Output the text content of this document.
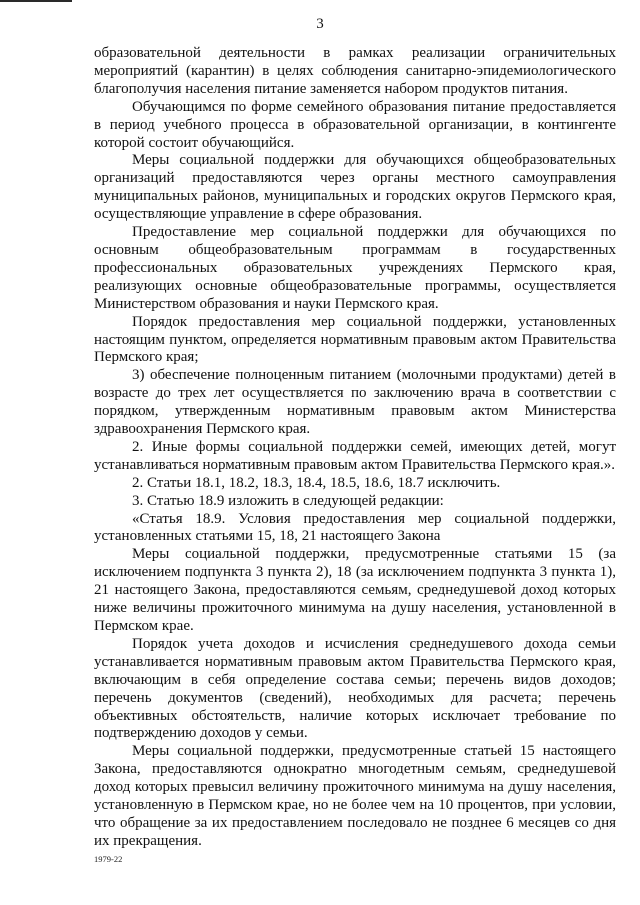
3

образовательной деятельности в рамках реализации ограничительных мероприятий (карантин) в целях соблюдения санитарно-эпидемиологического благополучия населения питание заменяется набором продуктов питания.

Обучающимся по форме семейного образования питание предоставляется в период учебного процесса в образовательной организации, в контингенте которой состоит обучающийся.

Меры социальной поддержки для обучающихся общеобразовательных организаций предоставляются через органы местного самоуправления муниципальных районов, муниципальных и городских округов Пермского края, осуществляющие управление в сфере образования.

Предоставление мер социальной поддержки для обучающихся по основным общеобразовательным программам в государственных профессиональных образовательных учреждениях Пермского края, реализующих основные общеобразовательные программы, осуществляется Министерством образования и науки Пермского края.

Порядок предоставления мер социальной поддержки, установленных настоящим пунктом, определяется нормативным правовым актом Правительства Пермского края;

3) обеспечение полноценным питанием (молочными продуктами) детей в возрасте до трех лет осуществляется по заключению врача в соответствии с порядком, утвержденным нормативным правовым актом Министерства здравоохранения Пермского края.

2. Иные формы социальной поддержки семей, имеющих детей, могут устанавливаться нормативным правовым актом Правительства Пермского края.».

2. Статьи 18.1, 18.2, 18.3, 18.4, 18.5, 18.6, 18.7 исключить.

3. Статью 18.9 изложить в следующей редакции:

«Статья 18.9. Условия предоставления мер социальной поддержки, установленных статьями 15, 18, 21 настоящего Закона

Меры социальной поддержки, предусмотренные статьями 15 (за исключением подпункта 3 пункта 2), 18 (за исключением подпункта 3 пункта 1), 21 настоящего Закона, предоставляются семьям, среднедушевой доход которых ниже величины прожиточного минимума на душу населения, установленной в Пермском крае.

Порядок учета доходов и исчисления среднедушевого дохода семьи устанавливается нормативным правовым актом Правительства Пермского края, включающим в себя определение состава семьи; перечень видов доходов; перечень документов (сведений), необходимых для расчета; перечень объективных обстоятельств, наличие которых исключает требование по подтверждению доходов у семьи.

Меры социальной поддержки, предусмотренные статьей 15 настоящего Закона, предоставляются однократно многодетным семьям, среднедушевой доход которых превысил величину прожиточного минимума на душу населения, установленную в Пермском крае, но не более чем на 10 процентов, при условии, что обращение за их предоставлением последовало не позднее 6 месяцев со дня их прекращения.

1979-22
